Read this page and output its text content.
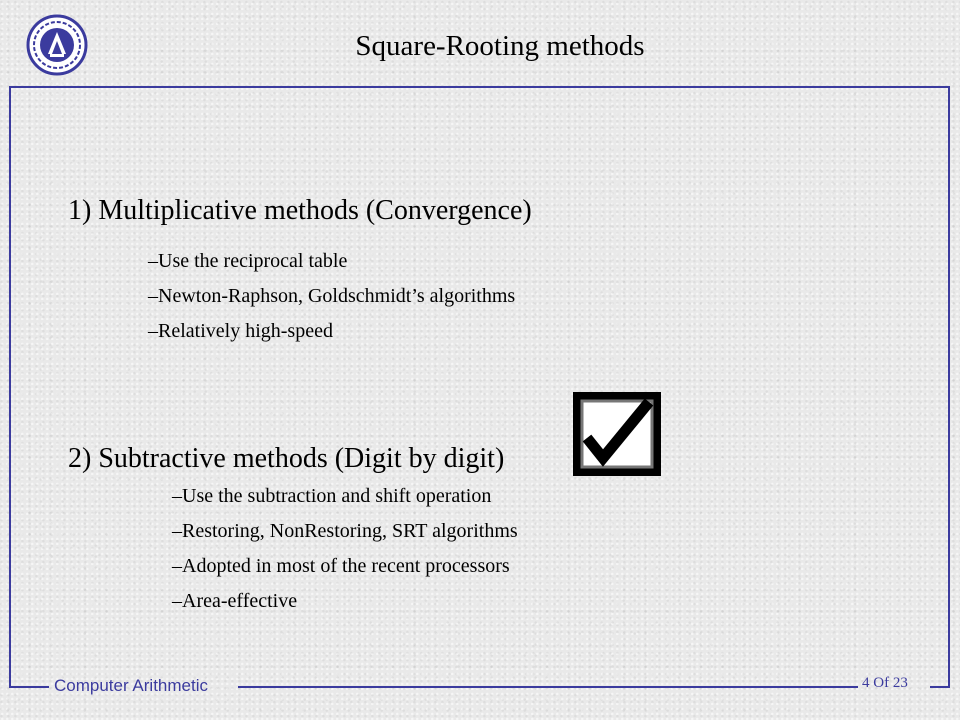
Square-Rooting methods
1) Multiplicative methods (Convergence)
–Use the reciprocal table
–Newton-Raphson, Goldschmidt’s algorithms
–Relatively high-speed
2) Subtractive methods (Digit by digit)
–Use the subtraction and shift operation
–Restoring, NonRestoring, SRT algorithms
–Adopted in most of the recent processors
–Area-effective
Computer Arithmetic	4 Of 23
